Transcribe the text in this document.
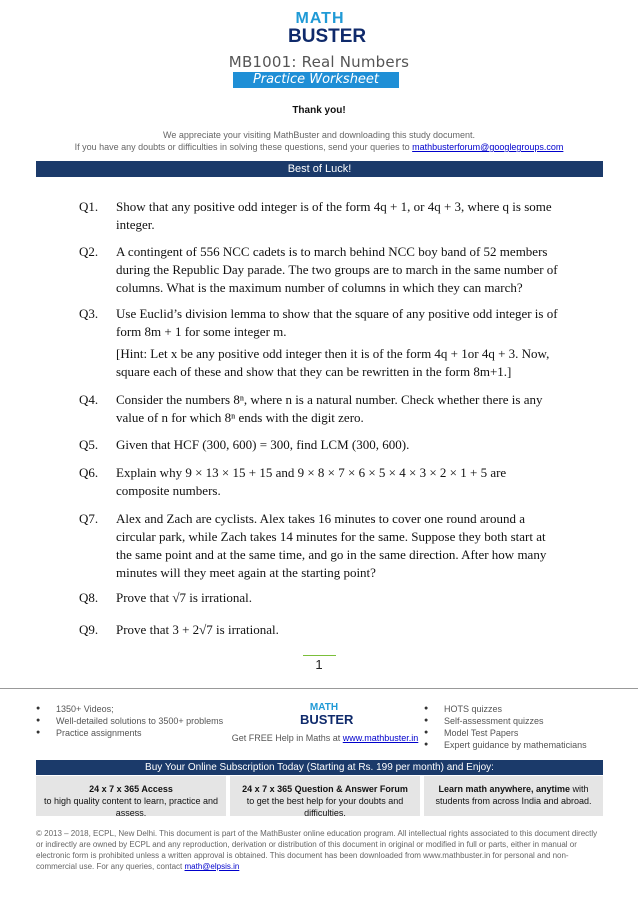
MATH
BUSTER
MB1001: Real Numbers
Practice Worksheet
Thank you!
We appreciate your visiting MathBuster and downloading this study document.
If you have any doubts or difficulties in solving these questions, send your queries to mathbusterforum@googlegroups.com
Best of Luck!
Q1.	Show that any positive odd integer is of the form 4q + 1, or 4q + 3, where q is some integer.
Q2.	A contingent of 556 NCC cadets is to march behind NCC boy band of 52 members during the Republic Day parade. The two groups are to march in the same number of columns. What is the maximum number of columns in which they can march?
Q3.	Use Euclid’s division lemma to show that the square of any positive odd integer is of form 8m + 1 for some integer m.
[Hint: Let x be any positive odd integer then it is of the form 4q + 1or 4q + 3. Now, square each of these and show that they can be rewritten in the form 8m+1.]
Q4.	Consider the numbers 8ⁿ, where n is a natural number. Check whether there is any value of n for which 8ⁿ ends with the digit zero.
Q5.	Given that HCF (300, 600) = 300, find LCM (300, 600).
Q6.	Explain why 9 × 13 × 15 + 15 and 9 × 8 × 7 × 6 × 5 × 4 × 3 × 2 × 1 + 5 are composite numbers.
Q7.	Alex and Zach are cyclists. Alex takes 16 minutes to cover one round around a circular park, while Zach takes 14 minutes for the same. Suppose they both start at the same point and at the same time, and go in the same direction. After how many minutes will they meet again at the starting point?
Q8.	Prove that √7 is irrational.
Q9.	Prove that 3 + 2√7 is irrational.
1
● 1350+ Videos;
● Well-detailed solutions to 3500+ problems
● Practice assignments
MATH
BUSTER
Get FREE Help in Maths at www.mathbuster.in
● HOTS quizzes
● Self-assessment quizzes
● Model Test Papers
● Expert guidance by mathematicians
Buy Your Online Subscription Today (Starting at Rs. 199 per month) and Enjoy:
24 x 7 x 365 Access
to high quality content to learn, practice and assess.
24 x 7 x 365 Question & Answer Forum
to get the best help for your doubts and difficulties.
Learn math anywhere, anytime with
students from across India and abroad.
© 2013 – 2018, ECPL, New Delhi. This document is part of the MathBuster online education program. All intellectual rights associated to this document directly or indirectly are owned by ECPL and any reproduction, derivation or distribution of this document in original or modified in full or parts, either in manual or electronic form is prohibited unless a written approval is obtained. This document has been downloaded from www.mathbuster.in for personal and non-commercial use. For any queries, contact math@elpsis.in
